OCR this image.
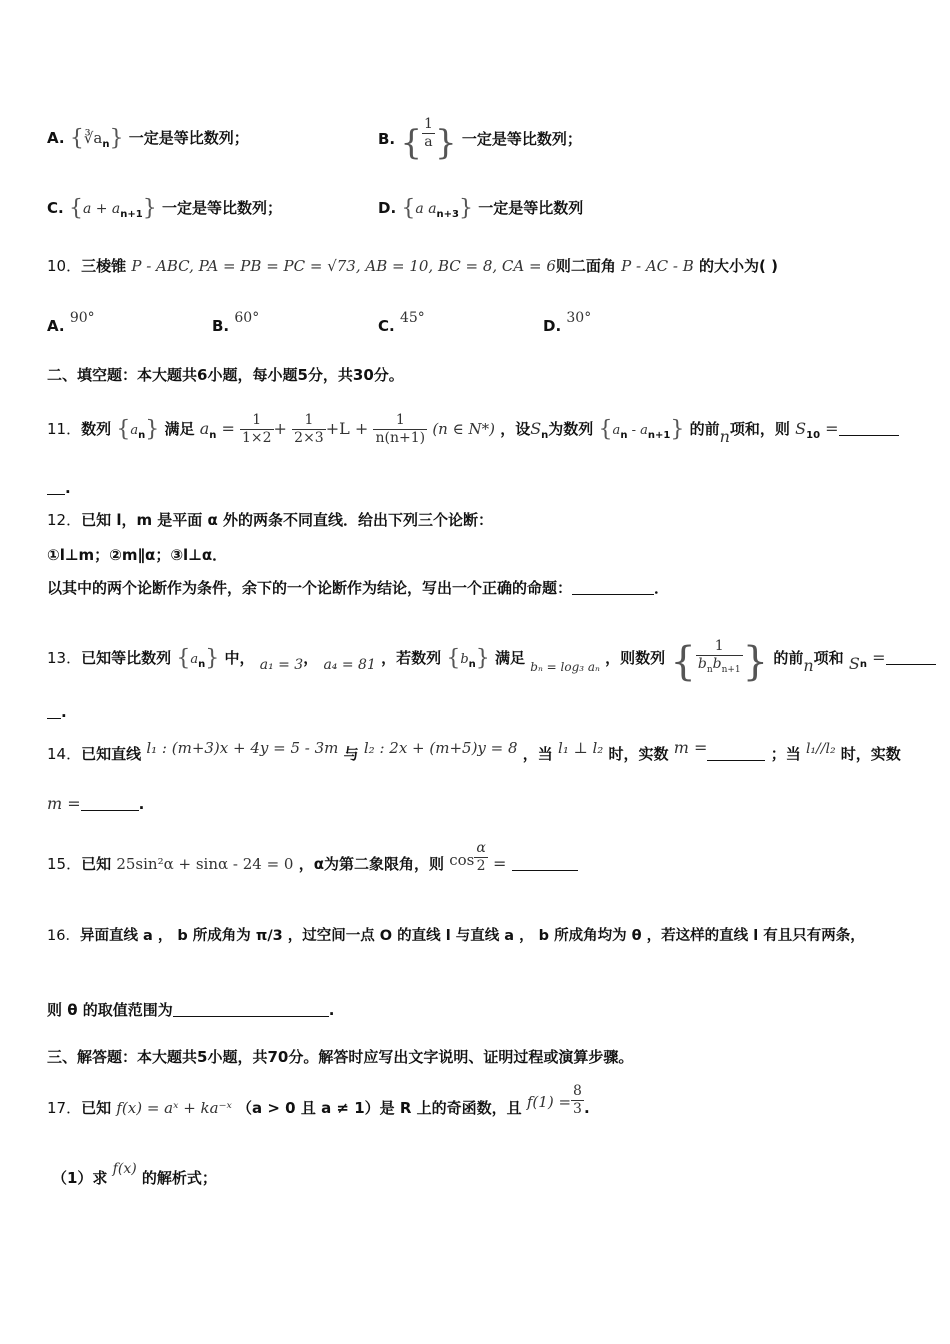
A. $\{∛a_n\}$ 一定是等比数列；	B. { $\frac{1}{a}$ } 一定是等比数列；
C. $\{a + a_{n+1}\}$ 一定是等比数列；	D. {a $a_{n+3}$} 一定是等比数列
10．三棱锥 P - ABC, PA = PB = PC = √73, AB = 10, BC = 8, CA = 6则二面角 P - AC - B 的大小为( )
A. 90°	B. 60°	C. 45°	D. 30°
二、填空题：本大题共6小题，每小题5分，共30分。
11．数列 $\{a_n\}$ 满足 $a_n = \frac{1}{1\times 2} + \frac{1}{2\times 3} +L + \frac{1}{n(n+1)} (n$ ∈ N*) ，设$S_n$为数列 $\{a_n - a_{n+1}\}$ 的前n项和，则 $S_{10}$ =
.
12．已知 l，m 是平面 α 外的两条不同直线．给出下列三个论断：
①l⊥m；②m∥α；③l⊥α．
以其中的两个论断作为条件，余下的一个论断作为结论，写出一个正确的命题：	．
13．已知等比数列 $\{a_n\}$ 中， a₁ = 3， a₄ = 81 ，若数列 $\{b_n\}$ 满足 $_{b_n = log_3 a_n}$ ，则数列 { $\frac{1}{b_nb_{n+1}}$ } 的前n项和 $S_n$ =
.
14．已知直线 l₁ : (m+3)x + 4y = 5 - 3m 与 l₂ : 2x + (m+5)y = 8 ，当 l₁ ⊥ l₂ 时，实数 m =	；当 l₁//l₂ 时，实数
m =	.
15．已知 25sin²α + sinα - 24 = 0 ，α为第二象限角，则 $\cos \frac{\alpha}{2}$ =
16．异面直线 a ， b 所成角为 π/3 ，过空间一点 O 的直线 l 与直线 a ， b 所成角均为 θ ，若这样的直线 l 有且只有两条，
则 θ 的取值范围为	.
三、解答题：本大题共5小题，共70分。解答时应写出文字说明、证明过程或演算步骤。
17．已知 f(x) = aˣ + ka⁻ˣ （a > 0 且 a ≠ 1）是 R 上的奇函数，且 $f(1) = \frac{8}{3}$ .
（1）求 f(x) 的解析式；
